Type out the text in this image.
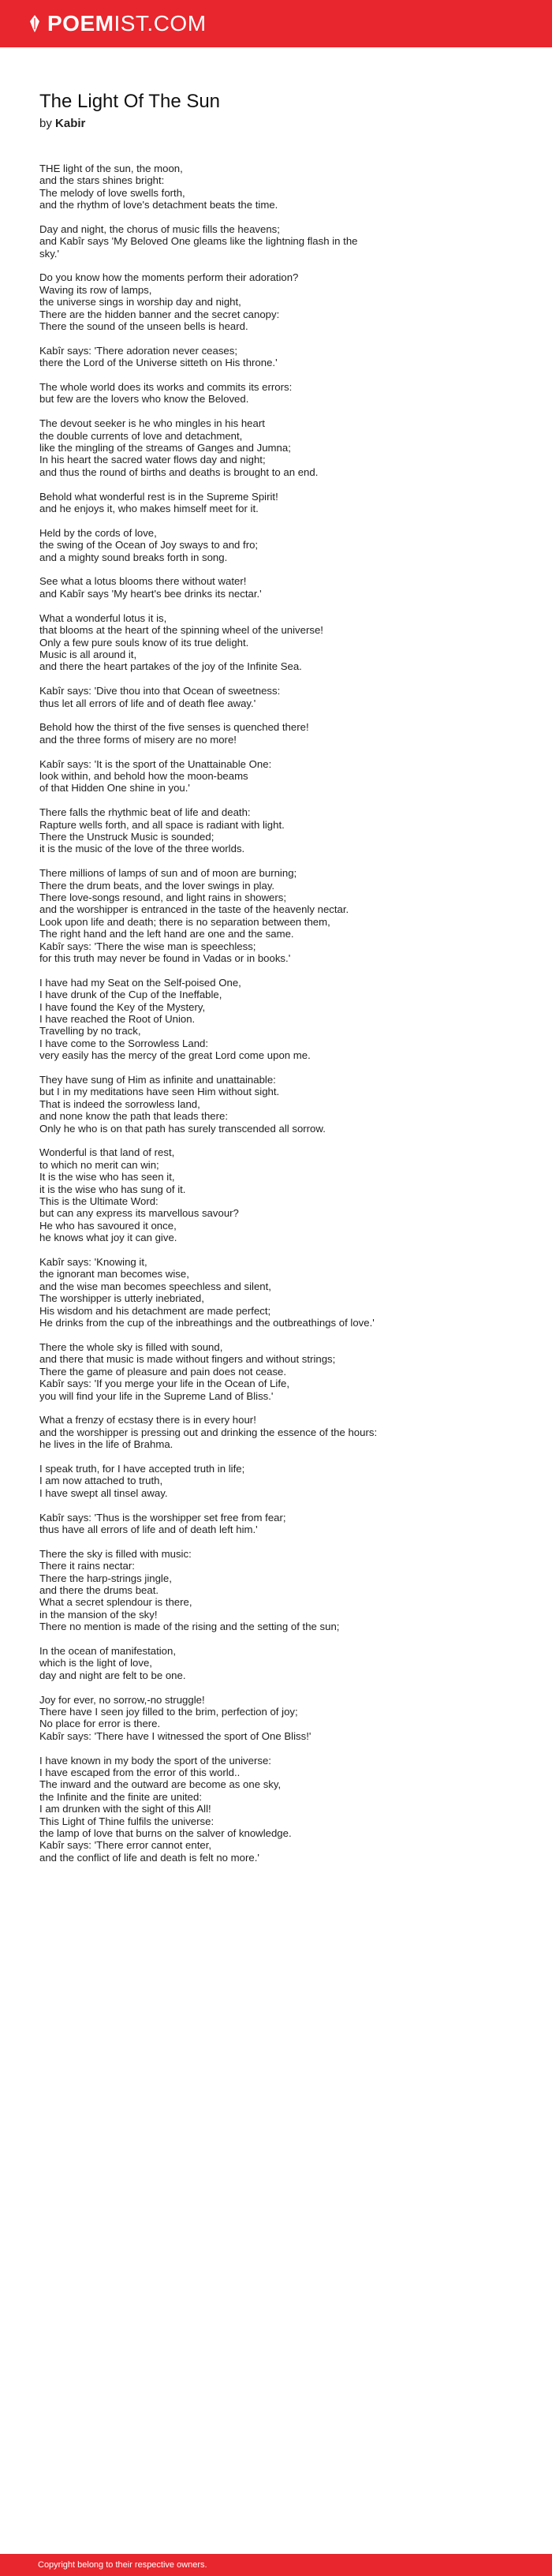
POEMIST.COM
The Light Of The Sun
by Kabir
THE light of the sun, the moon,
and the stars shines bright:
The melody of love swells forth,
and the rhythm of love's detachment beats the time.
Day and night, the chorus of music fills the heavens;
and Kabîr says 'My Beloved One gleams like the lightning flash in the
sky.'
Do you know how the moments perform their adoration?
Waving its row of lamps,
the universe sings in worship day and night,
There are the hidden banner and the secret canopy:
There the sound of the unseen bells is heard.
Kabîr says: 'There adoration never ceases;
there the Lord of the Universe sitteth on His throne.'
The whole world does its works and commits its errors:
but few are the lovers who know the Beloved.
The devout seeker is he who mingles in his heart
the double currents of love and detachment,
like the mingling of the streams of Ganges and Jumna;
In his heart the sacred water flows day and night;
and thus the round of births and deaths is brought to an end.
Behold what wonderful rest is in the Supreme Spirit!
and he enjoys it, who makes himself meet for it.
Held by the cords of love,
the swing of the Ocean of Joy sways to and fro;
and a mighty sound breaks forth in song.
See what a lotus blooms there without water!
and Kabîr says 'My heart's bee drinks its nectar.'
What a wonderful lotus it is,
that blooms at the heart of the spinning wheel of the universe!
Only a few pure souls know of its true delight.
Music is all around it,
and there the heart partakes of the joy of the Infinite Sea.
Kabîr says: 'Dive thou into that Ocean of sweetness:
thus let all errors of life and of death flee away.'
Behold how the thirst of the five senses is quenched there!
and the three forms of misery are no more!
Kabîr says: 'It is the sport of the Unattainable One:
look within, and behold how the moon-beams
of that Hidden One shine in you.'
There falls the rhythmic beat of life and death:
Rapture wells forth, and all space is radiant with light.
There the Unstruck Music is sounded;
it is the music of the love of the three worlds.
There millions of lamps of sun and of moon are burning;
There the drum beats, and the lover swings in play.
There love-songs resound, and light rains in showers;
and the worshipper is entranced in the taste of the heavenly nectar.
Look upon life and death; there is no separation between them,
The right hand and the left hand are one and the same.
Kabîr says: 'There the wise man is speechless;
for this truth may never be found in Vadas or in books.'
I have had my Seat on the Self-poised One,
I have drunk of the Cup of the Ineffable,
I have found the Key of the Mystery,
I have reached the Root of Union.
Travelling by no track,
I have come to the Sorrowless Land:
very easily has the mercy of the great Lord come upon me.
They have sung of Him as infinite and unattainable:
but I in my meditations have seen Him without sight.
That is indeed the sorrowless land,
and none know the path that leads there:
Only he who is on that path has surely transcended all sorrow.
Wonderful is that land of rest,
to which no merit can win;
It is the wise who has seen it,
it is the wise who has sung of it.
This is the Ultimate Word:
but can any express its marvellous savour?
He who has savoured it once,
he knows what joy it can give.
Kabîr says: 'Knowing it,
the ignorant man becomes wise,
and the wise man becomes speechless and silent,
The worshipper is utterly inebriated,
His wisdom and his detachment are made perfect;
He drinks from the cup of the inbreathings and the outbreathings of love.'
There the whole sky is filled with sound,
and there that music is made without fingers and without strings;
There the game of pleasure and pain does not cease.
Kabîr says: 'If you merge your life in the Ocean of Life,
you will find your life in the Supreme Land of Bliss.'
What a frenzy of ecstasy there is in every hour!
and the worshipper is pressing out and drinking the essence of the hours:
he lives in the life of Brahma.
I speak truth, for I have accepted truth in life;
I am now attached to truth,
I have swept all tinsel away.
Kabîr says: 'Thus is the worshipper set free from fear;
thus have all errors of life and of death left him.'
There the sky is filled with music:
There it rains nectar:
There the harp-strings jingle,
and there the drums beat.
What a secret splendour is there,
in the mansion of the sky!
There no mention is made of the rising and the setting of the sun;
In the ocean of manifestation,
which is the light of love,
day and night are felt to be one.
Joy for ever, no sorrow,-no struggle!
There have I seen joy filled to the brim, perfection of joy;
No place for error is there.
Kabîr says: 'There have I witnessed the sport of One Bliss!'
I have known in my body the sport of the universe:
I have escaped from the error of this world..
The inward and the outward are become as one sky,
the Infinite and the finite are united:
I am drunken with the sight of this All!
This Light of Thine fulfils the universe:
the lamp of love that burns on the salver of knowledge.
Kabîr says: 'There error cannot enter,
and the conflict of life and death is felt no more.'
Copyright belong to their respective owners.
